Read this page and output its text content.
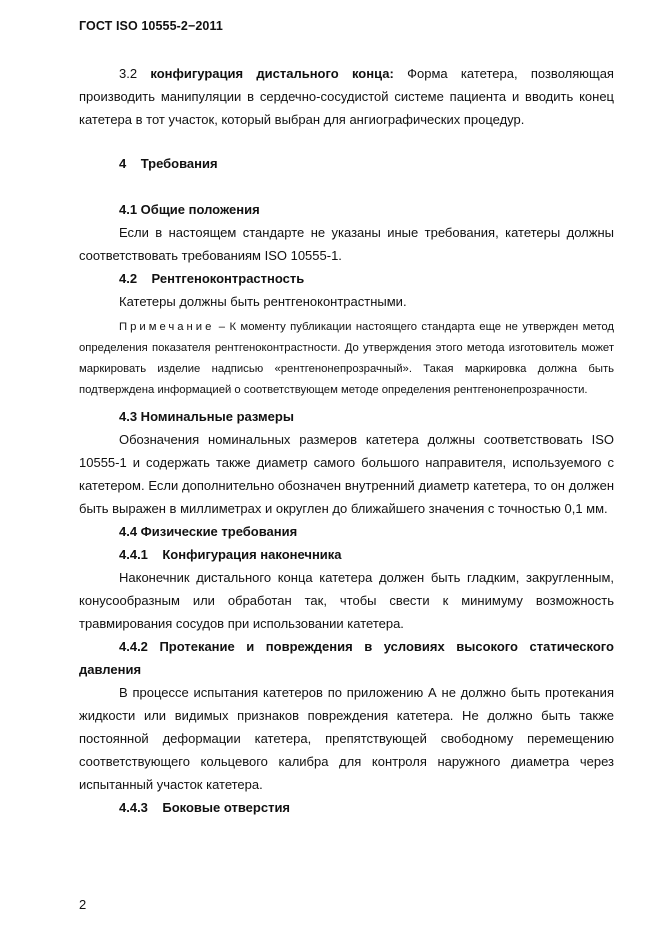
ГОСТ ISO 10555-2−2011

3.2 конфигурация дистального конца: Форма катетера, позволяющая производить манипуляции в сердечно-сосудистой системе пациента и вводить конец катетера в тот участок, который выбран для ангиографических процедур.

4 Требования

4.1 Общие положения

Если в настоящем стандарте не указаны иные требования, катетеры должны соответствовать требованиям ISO 10555-1.

4.2 Рентгеноконтрастность

Катетеры должны быть рентгеноконтрастными.

Примечание – К моменту публикации настоящего стандарта еще не утвержден метод определения показателя рентгеноконтрастности. До утверждения этого метода изготовитель может маркировать изделие надписью «рентгенонепрозрачный». Такая маркировка должна быть подтверждена информацией о соответствующем методе определения рентгенонепрозрачности.

4.3 Номинальные размеры

Обозначения номинальных размеров катетера должны соответствовать ISO 10555-1 и содержать также диаметр самого большого направителя, используемого с катетером. Если дополнительно обозначен внутренний диаметр катетера, то он должен быть выражен в миллиметрах и округлен до ближайшего значения с точностью 0,1 мм.

4.4 Физические требования

4.4.1 Конфигурация наконечника

Наконечник дистального конца катетера должен быть гладким, закругленным, конусообразным или обработан так, чтобы свести к минимуму возможность травмирования сосудов при использовании катетера.

4.4.2 Протекание и повреждения в условиях высокого статического давления

В процессе испытания катетеров по приложению А не должно быть протекания жидкости или видимых признаков повреждения катетера. Не должно быть также постоянной деформации катетера, препятствующей свободному перемещению соответствующего кольцевого калибра для контроля наружного диаметра через испытанный участок катетера.

4.4.3 Боковые отверстия

2
